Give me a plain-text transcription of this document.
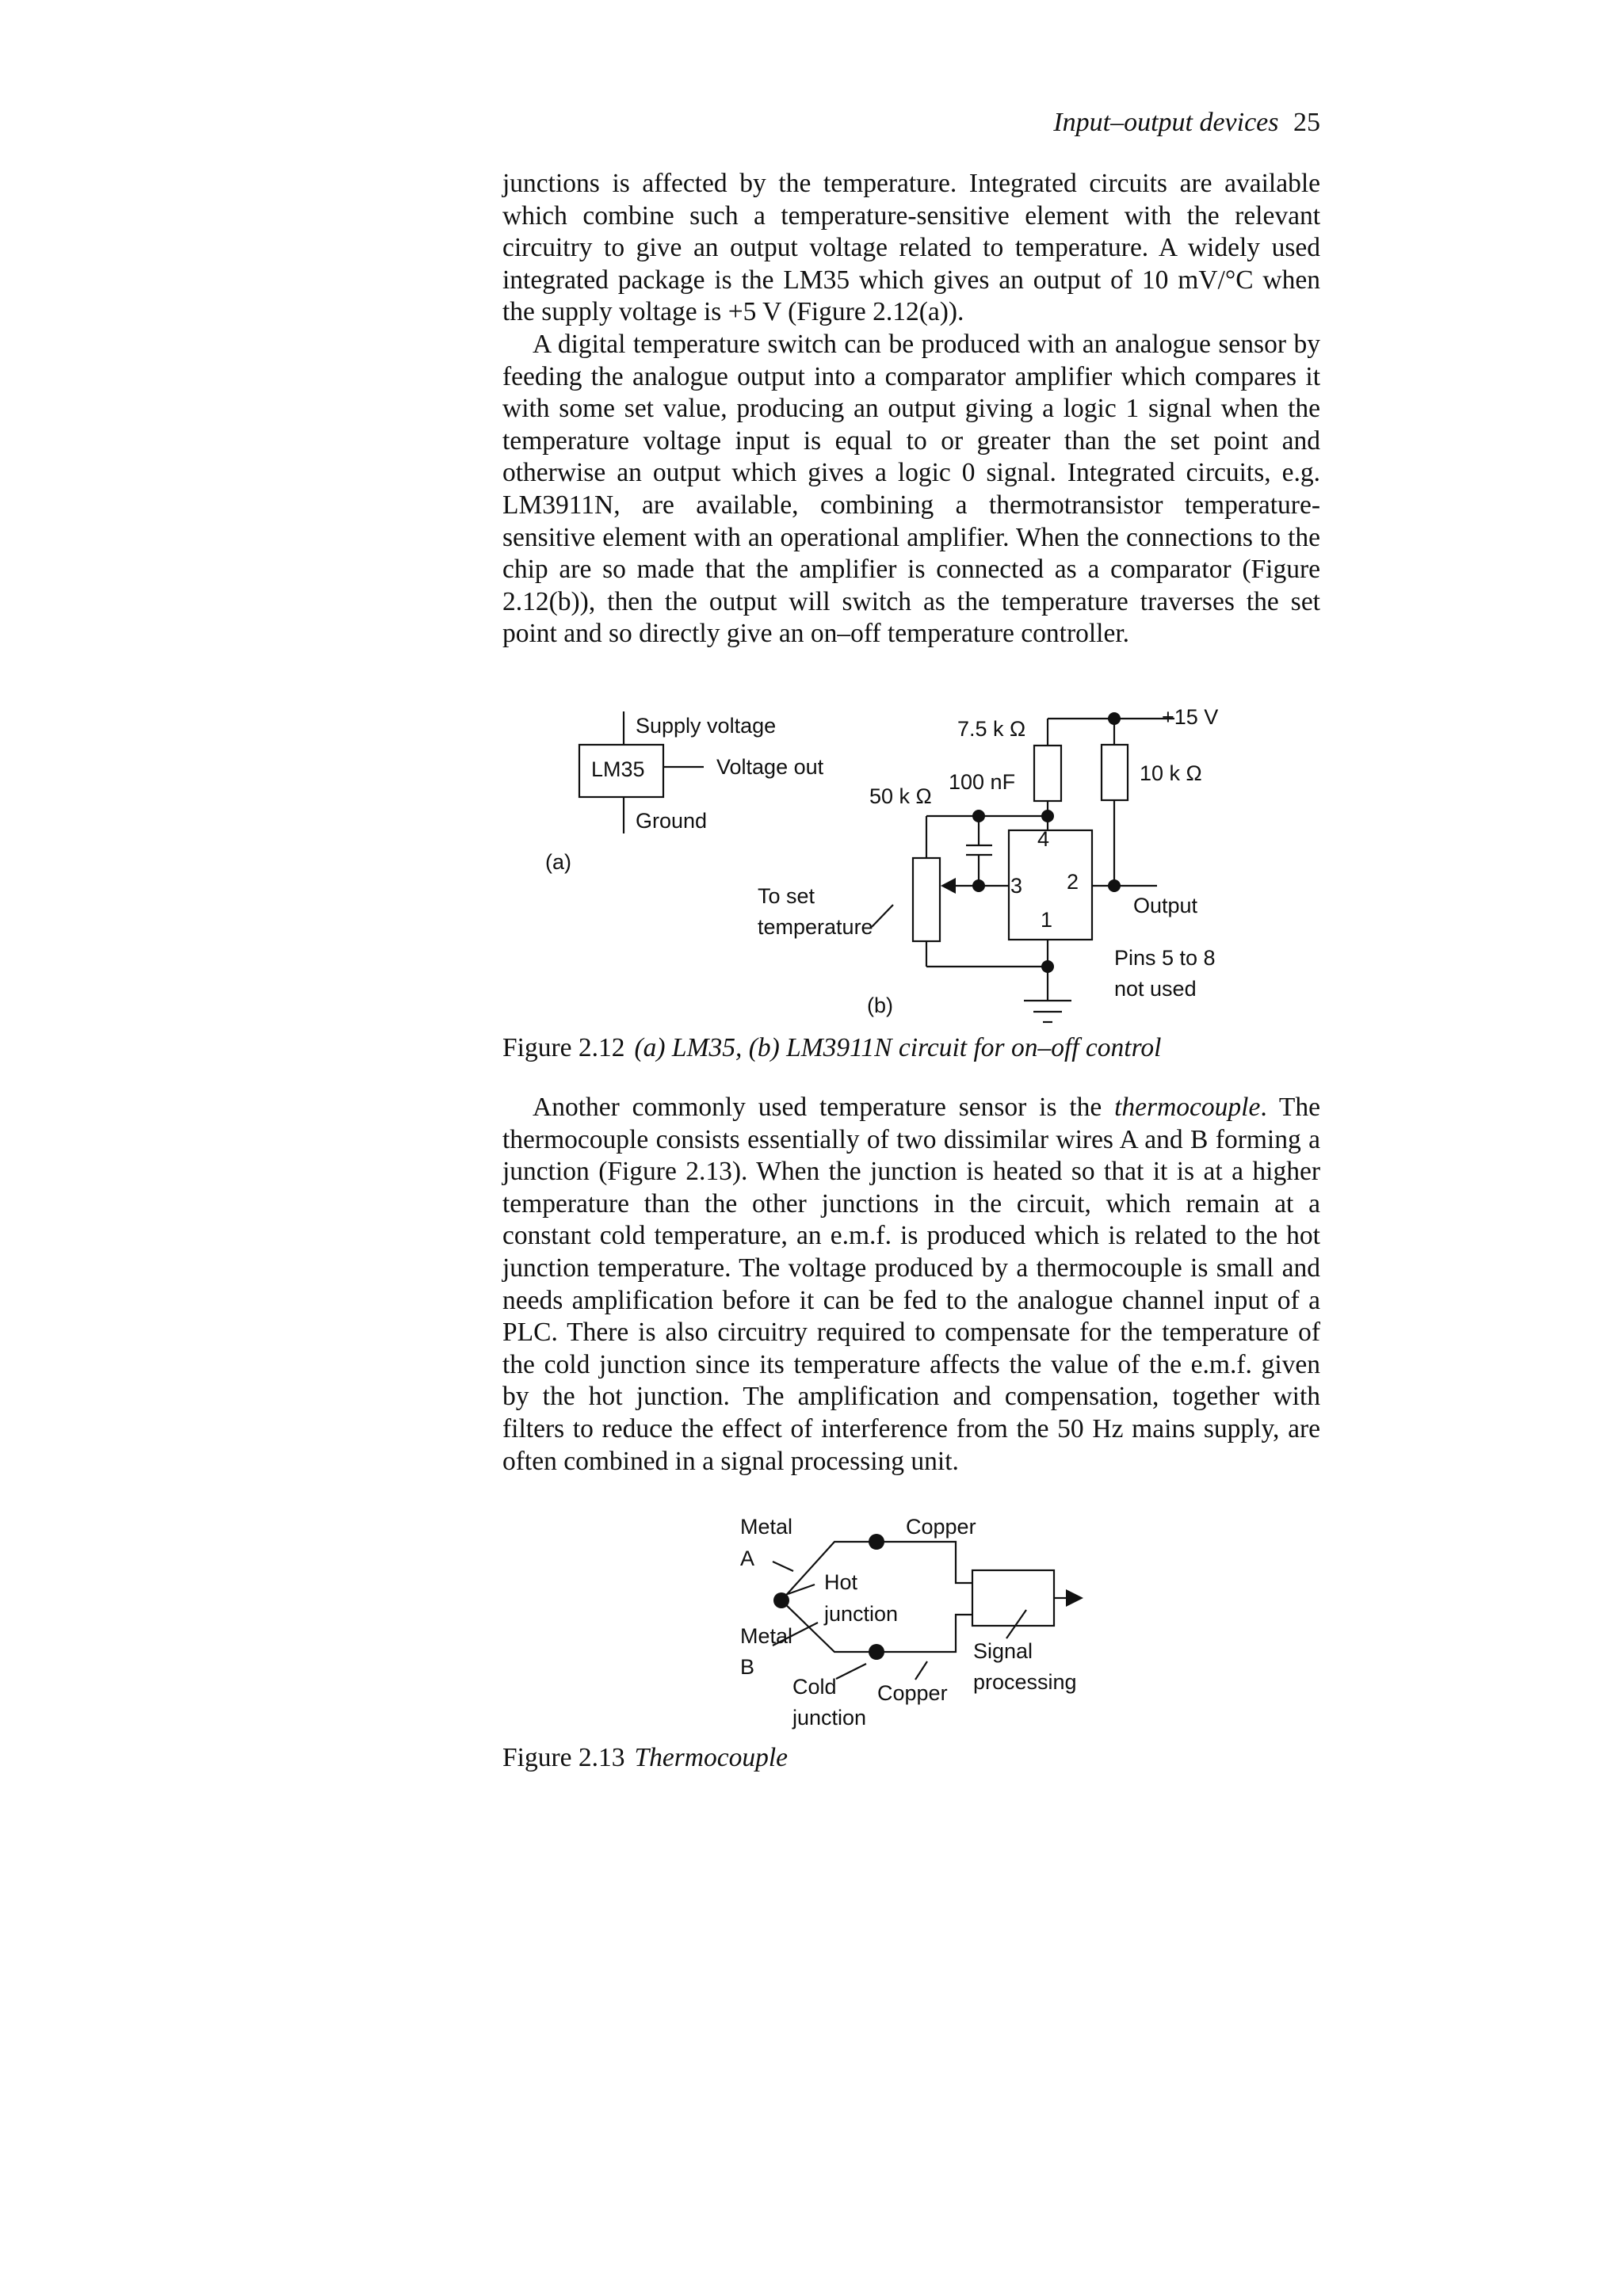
Input–output devices 25

junctions is affected by the temperature. Integrated circuits are available which combine such a temperature-sensitive element with the relevant circuitry to give an output voltage related to temperature. A widely used integrated package is the LM35 which gives an output of 10 mV/°C when the supply voltage is +5 V (Figure 2.12(a)).

A digital temperature switch can be produced with an analogue sensor by feeding the analogue output into a comparator amplifier which compares it with some set value, producing an output giving a logic 1 signal when the temperature voltage input is equal to or greater than the set point and otherwise an output which gives a logic 0 signal. Integrated circuits, e.g. LM3911N, are available, combining a thermotransistor temperature-sensitive element with an operational amplifier. When the connections to the chip are so made that the amplifier is connected as a comparator (Figure 2.12(b)), then the output will switch as the temperature traverses the set point and so directly give an on–off temperature controller.

Supply voltage
LM35	Voltage out
Ground
(a)
7.5 k Ω	+15 V
10 k Ω
100 nF
50 k Ω
4
3 2
1
To set
temperature
Output
Pins 5 to 8
not used
(b)
Figure 2.12 (a) LM35, (b) LM3911N circuit for on–off control

Another commonly used temperature sensor is the thermocouple. The thermocouple consists essentially of two dissimilar wires A and B forming a junction (Figure 2.13). When the junction is heated so that it is at a higher temperature than the other junctions in the circuit, which remain at a constant cold temperature, an e.m.f. is produced which is related to the hot junction temperature. The voltage produced by a thermocouple is small and needs amplification before it can be fed to the analogue channel input of a PLC. There is also circuitry required to compensate for the temperature of the cold junction since its temperature affects the value of the e.m.f. given by the hot junction. The amplification and compensation, together with filters to reduce the effect of interference from the 50 Hz mains supply, are often combined in a signal processing unit.

Metal
A
Copper
Hot
junction
Metal
B
Cold
junction
Copper
Signal
processing
Figure 2.13 Thermocouple
